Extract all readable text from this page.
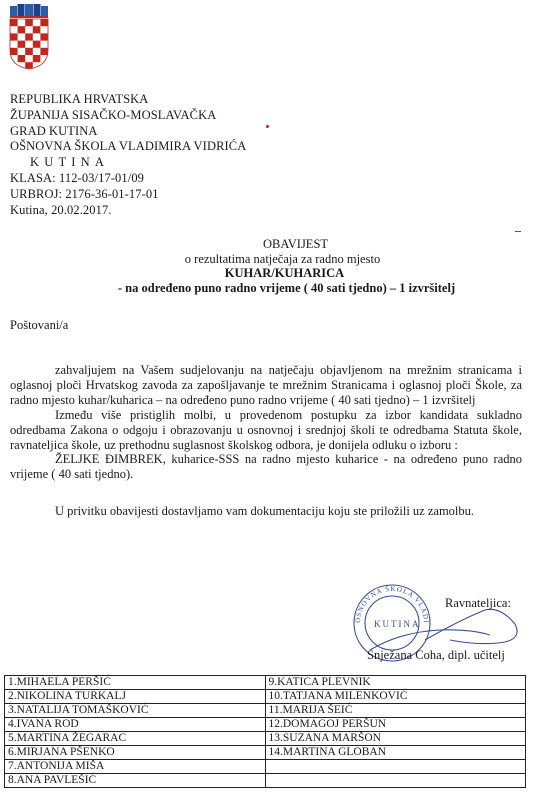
REPUBLIKA HRVATSKA
ŽUPANIJA SISAČKO-MOSLAVAČKA
GRAD KUTINA
OŠNOVNA ŠKOLA VLADIMIRA VIDRIĆA
KUTINA
KLASA: 112-03/17-01/09
URBROJ: 2176-36-01-17-01
Kutina, 20.02.2017.
OBAVIJEST
o rezultatima natječaja za radno mjesto
KUHAR/KUHARICA
- na određeno puno radno vrijeme ( 40 sati tjedno) – 1 izvršitelj
Poštovani/a

zahvaljujem na Vašem sudjelovanju na natječaju objavljenom na mrežnim stranicama i oglasnoj ploči Hrvatskog zavoda za zapošljavanje te mrežnim Stranicama i oglasnoj ploči Škole, za radno mjesto kuhar/kuharica – na određeno puno radno vrijeme ( 40 sati tjedno) – 1 izvršitelj

Između više pristiglih molbi, u provedenom postupku za izbor kandidata sukladno odredbama Zakona o odgoju i obrazovanju u osnovnoj i srednjoj školi te odredbama Statuta škole, ravnateljica škole, uz prethodnu suglasnost školskog odbora, je donijela odluku o izboru :

ŽELJKE ĐIMBREK, kuharice-SSS na radno mjesto kuharice - na određeno puno radno vrijeme ( 40 sati tjedno).

U privitku obavijesti dostavljamo vam dokumentaciju koju ste priložili uz zamolbu.

OSNOVNA ŠKOLA VLADI
KUTINA
Ravnateljica:
Snježana Coha, dipl. učitelj
1.MIHAELA PERŠIĆ	9.KATICA PLEVNIK
2.NIKOLINA TURKALJ	10.TATJANA MILENKOVIĆ
3.NATALIJA TOMAŠKOVIĆ	11.MARIJA ŠEIĆ
4.IVANA ROD	12.DOMAGOJ PERŠUN
5.MARTINA ŽEGARAC	13.SUZANA MARŠON
6.MIRJANA PŠENKO	14.MARTINA GLOBAN
7.ANTONIJA MIŠA	
8.ANA PAVLEŠIĆ	
